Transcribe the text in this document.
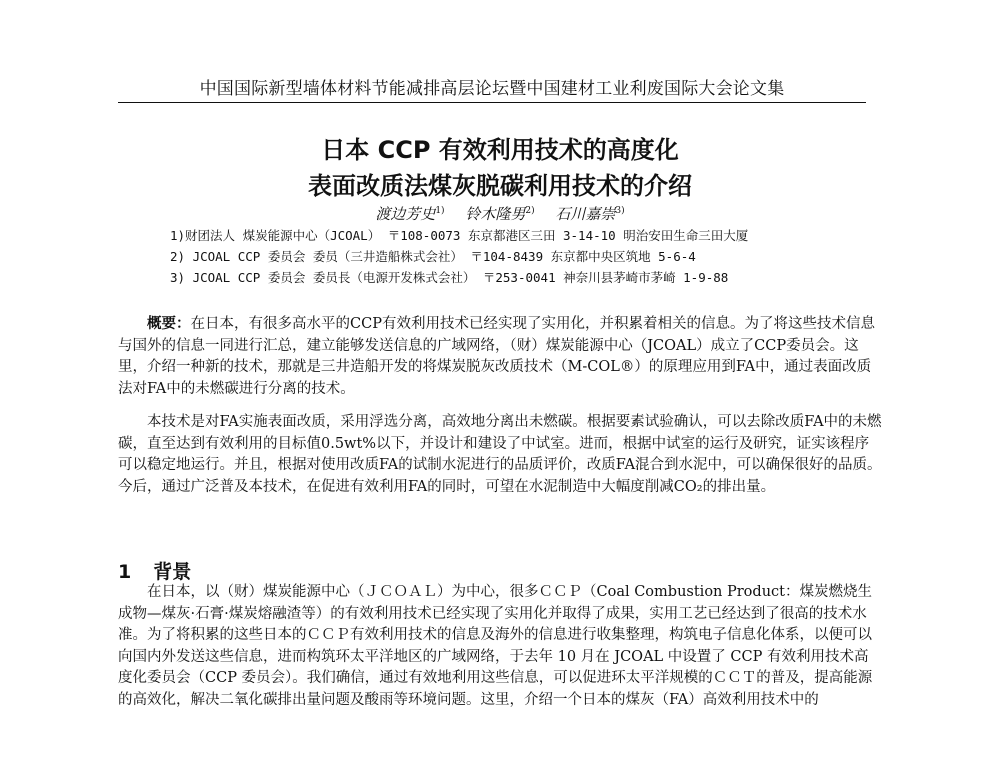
中国国际新型墙体材料节能减排高层论坛暨中国建材工业利废国际大会论文集
日本 CCP 有效利用技术的高度化
表面改质法煤灰脱碳利用技术的介绍
渡边芳史$^{1)}$ 铃木隆男$^{2)}$ 石川嘉崇$^{3)}$
1)财团法人 煤炭能源中心（JCOAL） 〒108-0073 东京都港区三田 3-14-10 明治安田生命三田大厦
2) JCOAL CCP 委员会 委员（三井造船株式会社） 〒104-8439 东京都中央区筑地 5-6-4
3) JCOAL CCP 委员会 委员長（电源开发株式会社） 〒253-0041 神奈川县茅崎市茅崎 1-9-88

概要：在日本，有很多高水平的CCP有效利用技术已经实现了实用化，并积累着相关的信息。为了将这些技术信息与国外的信息一同进行汇总，建立能够发送信息的广域网络，（财）煤炭能源中心（JCOAL）成立了CCP委员会。这里，介绍一种新的技术，那就是三井造船开发的将煤炭脱灰改质技术（M-COL®）的原理应用到FA中，通过表面改质法对FA中的未燃碳进行分离的技术。

本技术是对FA实施表面改质，采用浮选分离，高效地分离出未燃碳。根据要素试验确认，可以去除改质FA中的未燃碳，直至达到有效利用的目标值0.5wt%以下，并设计和建设了中试室。进而，根据中试室的运行及研究，证实该程序可以稳定地运行。并且，根据对使用改质FA的试制水泥进行的品质评价，改质FA混合到水泥中，可以确保很好的品质。今后，通过广泛普及本技术，在促进有效利用FA的同时，可望在水泥制造中大幅度削减CO₂的排出量。

1 背景

在日本，以（财）煤炭能源中心（ＪＣＯＡＬ）为中心，很多ＣＣＰ（Coal Combustion Product：煤炭燃烧生成物—煤灰·石膏·煤炭熔融渣等）的有效利用技术已经实现了实用化并取得了成果，实用工艺已经达到了很高的技术水准。为了将积累的这些日本的ＣＣＰ有效利用技术的信息及海外的信息进行收集整理，构筑电子信息化体系，以便可以向国内外发送这些信息，进而构筑环太平洋地区的广域网络，于去年 10 月在 JCOAL 中设置了 CCP 有效利用技术高度化委员会（CCP 委员会）。我们确信，通过有效地利用这些信息，可以促进环太平洋规模的ＣＣＴ的普及，提高能源的高效化，解决二氧化碳排出量问题及酸雨等环境问题。这里，介绍一个日本的煤灰（FA）高效利用技术中的
